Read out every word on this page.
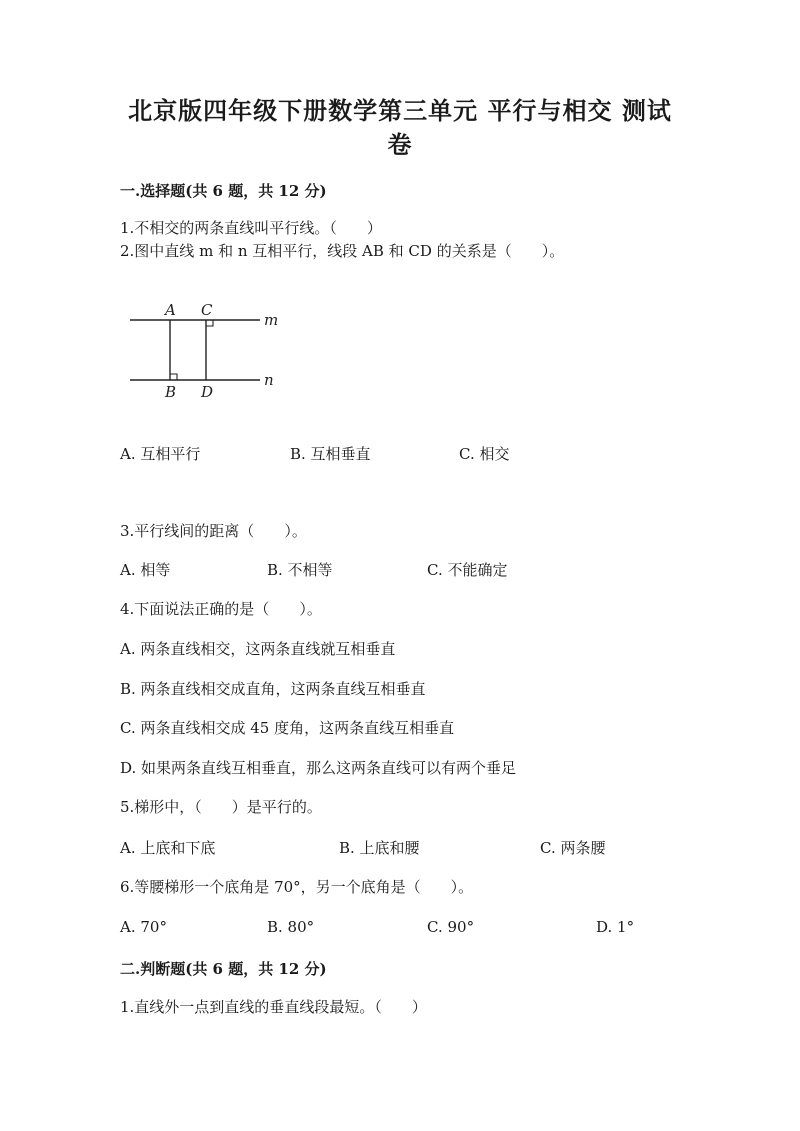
北京版四年级下册数学第三单元 平行与相交 测试卷
一.选择题(共 6 题，共 12 分)
1.不相交的两条直线叫平行线。（　　）
2.图中直线 m 和 n 互相平行，线段 AB 和 CD 的关系是（　　）。
A C
m
B D
n
A. 互相平行	B. 互相垂直	C. 相交
3.平行线间的距离（　　）。
A. 相等	B. 不相等	C. 不能确定
4.下面说法正确的是（　　）。
A. 两条直线相交，这两条直线就互相垂直
B. 两条直线相交成直角，这两条直线互相垂直
C. 两条直线相交成 45 度角，这两条直线互相垂直
D. 如果两条直线互相垂直，那么这两条直线可以有两个垂足
5.梯形中，（　　）是平行的。
A. 上底和下底	B. 上底和腰	C. 两条腰
6.等腰梯形一个底角是 70°，另一个底角是（　　）。
A. 70°	B. 80°	C. 90°	D. 1°
二.判断题(共 6 题，共 12 分)
1.直线外一点到直线的垂直线段最短。（　　）
